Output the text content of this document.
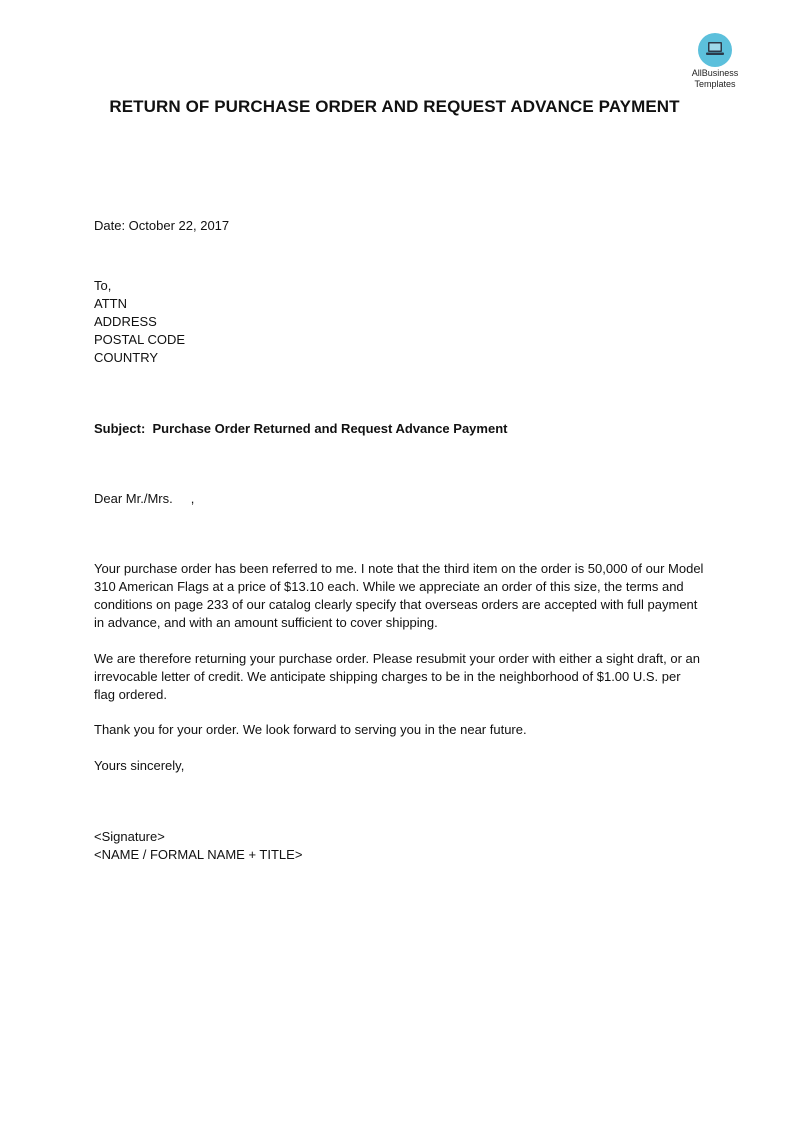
AllBusiness
Templates
RETURN OF PURCHASE ORDER AND REQUEST ADVANCE PAYMENT
Date: October 22, 2017
To,
ATTN
ADDRESS
POSTAL CODE
COUNTRY
Subject:  Purchase Order Returned and Request Advance Payment
Dear Mr./Mrs.     ,
Your purchase order has been referred to me. I note that the third item on the order is 50,000 of our Model 310 American Flags at a price of $13.10 each. While we appreciate an order of this size, the terms and conditions on page 233 of our catalog clearly specify that overseas orders are accepted with full payment in advance, and with an amount sufficient to cover shipping.
We are therefore returning your purchase order. Please resubmit your order with either a sight draft, or an irrevocable letter of credit. We anticipate shipping charges to be in the neighborhood of $1.00 U.S. per flag ordered.
Thank you for your order. We look forward to serving you in the near future.
Yours sincerely,
<Signature>
<NAME / FORMAL NAME + TITLE>
